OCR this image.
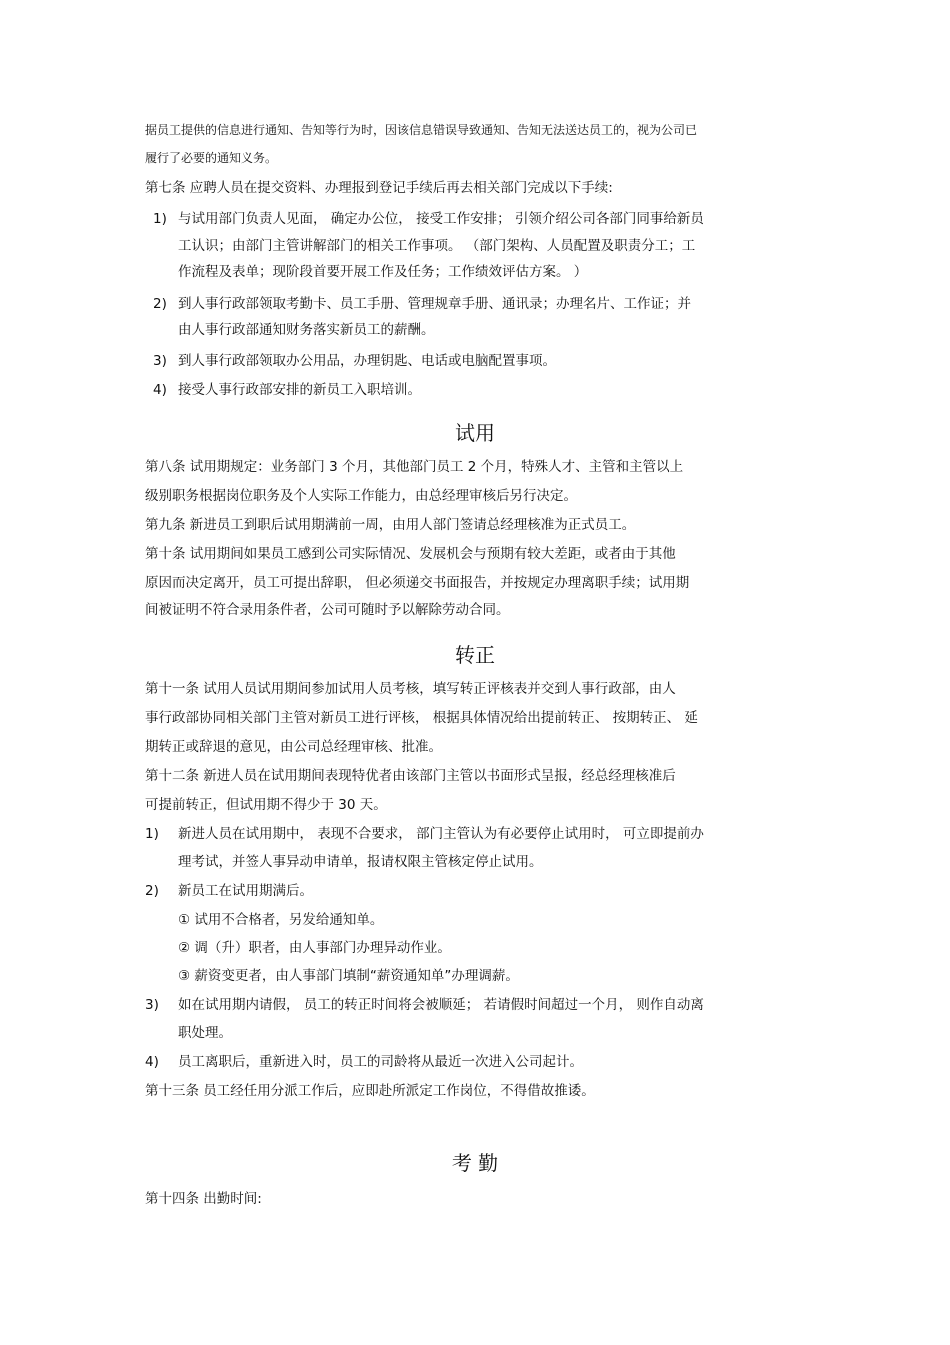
据员工提供的信息进行通知、告知等行为时，因该信息错误导致通知、告知无法送达员工的，视为公司已
履行了必要的通知义务。
第七条 应聘人员在提交资料、办理报到登记手续后再去相关部门完成以下手续:
1) 与试用部门负责人见面， 确定办公位， 接受工作安排； 引领介绍公司各部门同事给新员
工认识；由部门主管讲解部门的相关工作事项。 （部门架构、人员配置及职责分工；工
作流程及表单；现阶段首要开展工作及任务；工作绩效评估方案。 ）
2) 到人事行政部领取考勤卡、员工手册、管理规章手册、通讯录；办理名片、工作证；并
由人事行政部通知财务落实新员工的薪酬。
3) 到人事行政部领取办公用品，办理钥匙、电话或电脑配置事项。
4) 接受人事行政部安排的新员工入职培训。
试用
第八条 试用期规定：业务部门 3 个月，其他部门员工 2 个月，特殊人才、主管和主管以上
级别职务根据岗位职务及个人实际工作能力，由总经理审核后另行决定。
第九条 新进员工到职后试用期满前一周，由用人部门签请总经理核准为正式员工。
第十条 试用期间如果员工感到公司实际情况、发展机会与预期有较大差距，或者由于其他
原因而决定离开，员工可提出辞职， 但必须递交书面报告，并按规定办理离职手续；试用期
间被证明不符合录用条件者，公司可随时予以解除劳动合同。
转正
第十一条 试用人员试用期间参加试用人员考核，填写转正评核表并交到人事行政部，由人
事行政部协同相关部门主管对新员工进行评核， 根据具体情况给出提前转正、 按期转正、 延
期转正或辞退的意见，由公司总经理审核、批准。
第十二条 新进人员在试用期间表现特优者由该部门主管以书面形式呈报，经总经理核准后
可提前转正，但试用期不得少于 30 天。
1) 新进人员在试用期中， 表现不合要求， 部门主管认为有必要停止试用时， 可立即提前办
理考试，并签人事异动申请单，报请权限主管核定停止试用。
2) 新员工在试用期满后。
① 试用不合格者，另发给通知单。
② 调（升）职者，由人事部门办理异动作业。
③ 薪资变更者，由人事部门填制“薪资通知单”办理调薪。
3) 如在试用期内请假， 员工的转正时间将会被顺延； 若请假时间超过一个月， 则作自动离
职处理。
4) 员工离职后，重新进入时，员工的司龄将从最近一次进入公司起计。
第十三条 员工经任用分派工作后，应即赴所派定工作岗位，不得借故推诿。
考 勤
第十四条 出勤时间:
